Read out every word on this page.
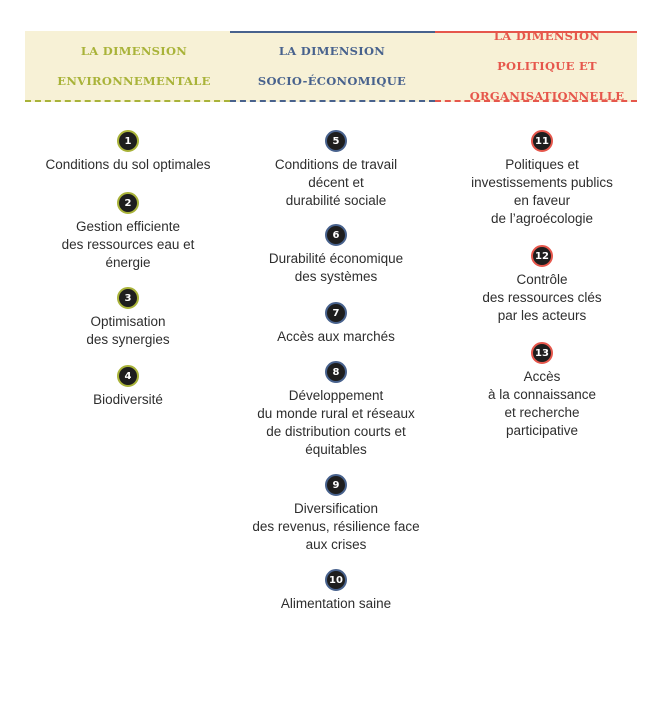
LA DIMENSION

ENVIRONNEMENTALE

LA DIMENSION

SOCIO-ÉCONOMIQUE

LA DIMENSION

POLITIQUE ET

ORGANISATIONNELLE

1
Conditions du sol optimales
2
Gestion efficiente
des ressources eau et
énergie
3
Optimisation
des synergies
4
Biodiversité
5
Conditions de travail
décent et
durabilité sociale
6
Durabilité économique
des systèmes
7
Accès aux marchés
8
Développement
du monde rural et réseaux
de distribution courts et
équitables
9
Diversification
des revenus, résilience face
aux crises
10
Alimentation saine
11
Politiques et
investissements publics
en faveur
de l’agroécologie
12
Contrôle
des ressources clés
par les acteurs
13
Accès
à la connaissance
et recherche
participative
